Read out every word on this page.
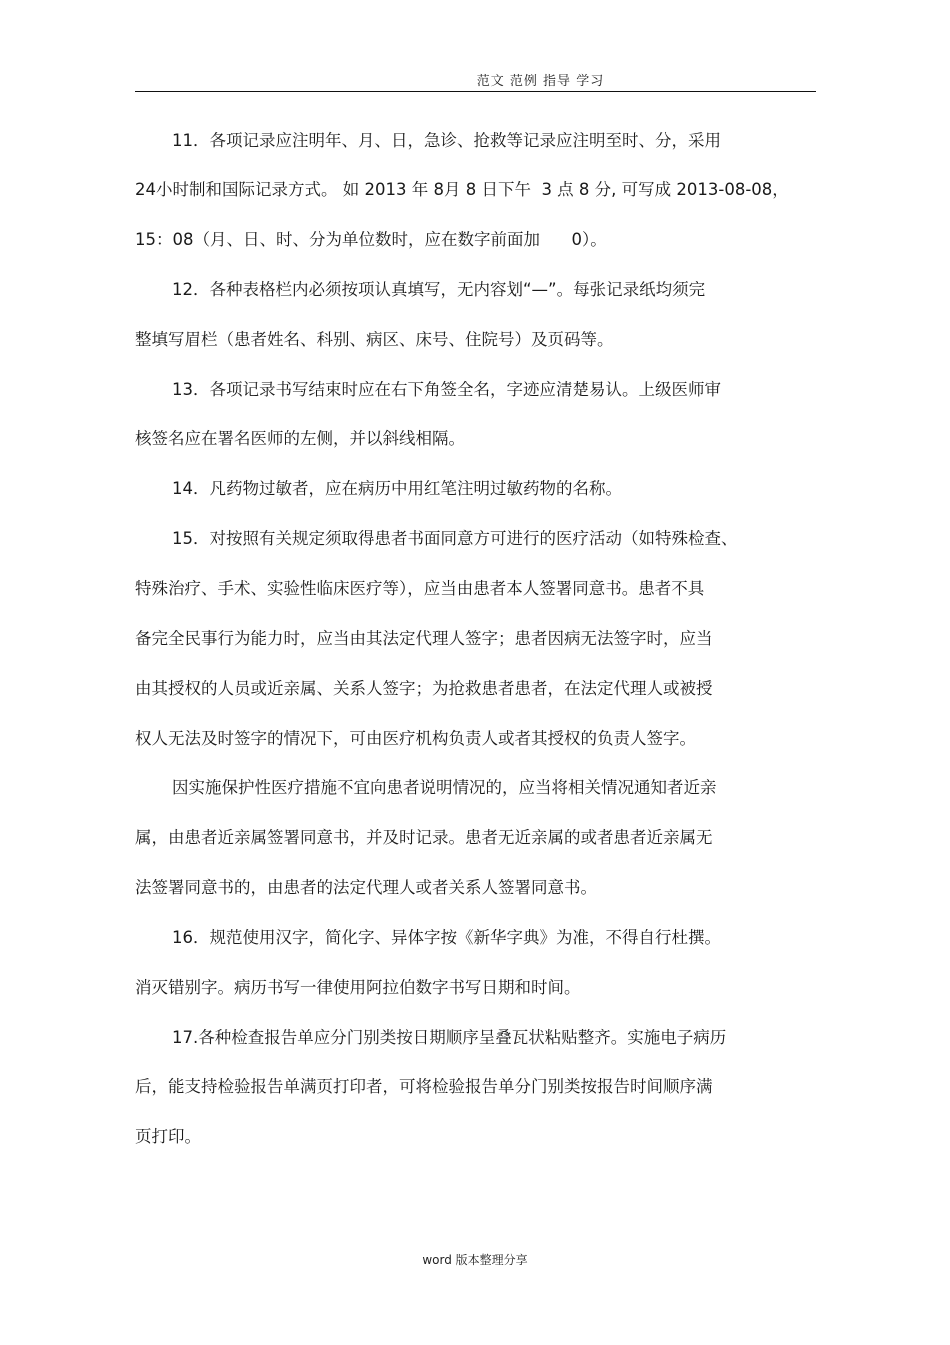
范文 范例 指导 学习
11．各项记录应注明年、月、日，急诊、抢救等记录应注明至时、分，采用
24小时制和国际记录方式。 如 2013 年 8月 8 日下午  3 点 8 分, 可写成 2013-08-08，
15：08（月、日、时、分为单位数时，应在数字前面加      0）。
12．各种表格栏内必须按项认真填写，无内容划“—”。每张记录纸均须完
整填写眉栏（患者姓名、科别、病区、床号、住院号）及页码等。
13．各项记录书写结束时应在右下角签全名，字迹应清楚易认。上级医师审
核签名应在署名医师的左侧，并以斜线相隔。
14．凡药物过敏者，应在病历中用红笔注明过敏药物的名称。
15．对按照有关规定须取得患者书面同意方可进行的医疗活动（如特殊检查、
特殊治疗、手术、实验性临床医疗等），应当由患者本人签署同意书。患者不具
备完全民事行为能力时，应当由其法定代理人签字；患者因病无法签字时，应当
由其授权的人员或近亲属、关系人签字；为抢救患者患者，在法定代理人或被授
权人无法及时签字的情况下，可由医疗机构负责人或者其授权的负责人签字。
因实施保护性医疗措施不宜向患者说明情况的，应当将相关情况通知者近亲
属，由患者近亲属签署同意书，并及时记录。患者无近亲属的或者患者近亲属无
法签署同意书的，由患者的法定代理人或者关系人签署同意书。
16．规范使用汉字，简化字、异体字按《新华字典》为准，不得自行杜撰。
消灭错别字。病历书写一律使用阿拉伯数字书写日期和时间。
17.各种检查报告单应分门别类按日期顺序呈叠瓦状粘贴整齐。实施电子病历
后，能支持检验报告单满页打印者，可将检验报告单分门别类按报告时间顺序满
页打印。
word 版本整理分享
